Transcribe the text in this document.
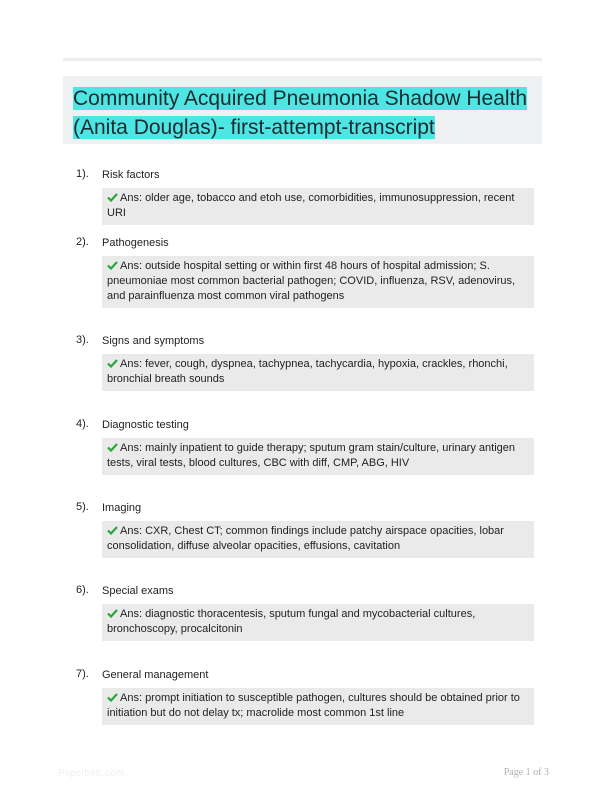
Community Acquired Pneumonia Shadow Health (Anita Douglas)- first-attempt-transcript
1). Risk factors
Ans: older age, tobacco and etoh use, comorbidities, immunosuppression, recent URI
2). Pathogenesis
Ans: outside hospital setting or within first 48 hours of hospital admission; S. pneumoniae most common bacterial pathogen; COVID, influenza, RSV, adenovirus, and parainfluenza most common viral pathogens
3). Signs and symptoms
Ans: fever, cough, dyspnea, tachypnea, tachycardia, hypoxia, crackles, rhonchi, bronchial breath sounds
4). Diagnostic testing
Ans: mainly inpatient to guide therapy; sputum gram stain/culture, urinary antigen tests, viral tests, blood cultures, CBC with diff, CMP, ABG, HIV
5). Imaging
Ans: CXR, Chest CT; common findings include patchy airspace opacities, lobar consolidation, diffuse alveolar opacities, effusions, cavitation
6). Special exams
Ans: diagnostic thoracentesis, sputum fungal and mycobacterial cultures, bronchoscopy, procalcitonin
7). General management
Ans: prompt initiation to susceptible pathogen, cultures should be obtained prior to initiation but do not delay tx; macrolide most common 1st line
Paperbitic.com	Page 1 of 3
